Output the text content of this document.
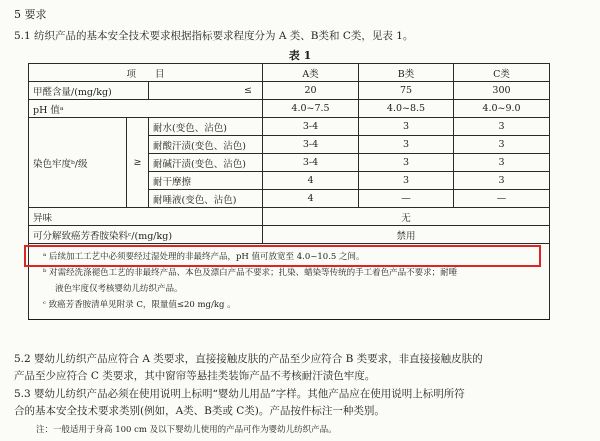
5 要求
5.1 纺织产品的基本安全技术要求根据指标要求程度分为 A 类、B类和 C类，见表 1。
表 1
项　　目			A类	B类	C类
甲醛含量/(mg/kg)		≤	20	75	300
pH 值ᵃ			4.0~7.5	4.0~8.5	4.0~9.0
染色牢度ᵇ/级	≥	耐水(变色、沾色)	3-4	3	3
		耐酸汗渍(变色、沾色)	3-4	3	3
		耐碱汗渍(变色、沾色)	3-4	3	3
		耐干摩擦	4	3	3
		耐唾液(变色、沾色)	4	—	—
异味			无		
可分解致癌芳香胺染料ᶜ/(mg/kg)			禁用		

ᵃ 后续加工工艺中必须要经过湿处理的非最终产品，pH 值可放宽至 4.0~10.5 之间。
ᵇ 对需经洗涤褪色工艺的非最终产品、本色及漂白产品不要求；扎染、蜡染等传统的手工着色产品不要求；耐唾
液色牢度仅考核婴幼儿纺织产品。
ᶜ 致癌芳香胺清单见附录 C，限量值≤20 mg/kg 。					
5.2 婴幼儿纺织产品应符合 A 类要求，直接接触皮肤的产品至少应符合 B 类要求，非直接接触皮肤的
产品至少应符合 C 类要求，其中窗帘等悬挂类装饰产品不考核耐汗渍色牢度。
5.3 婴幼儿纺织产品必须在使用说明上标明“婴幼儿用品”字样。其他产品应在使用说明上标明所符
合的基本安全技术要求类别(例如，A类、B类或 C类)。产品按件标注一种类别。
注：一般适用于身高 100 cm 及以下婴幼儿使用的产品可作为婴幼儿纺织产品。
